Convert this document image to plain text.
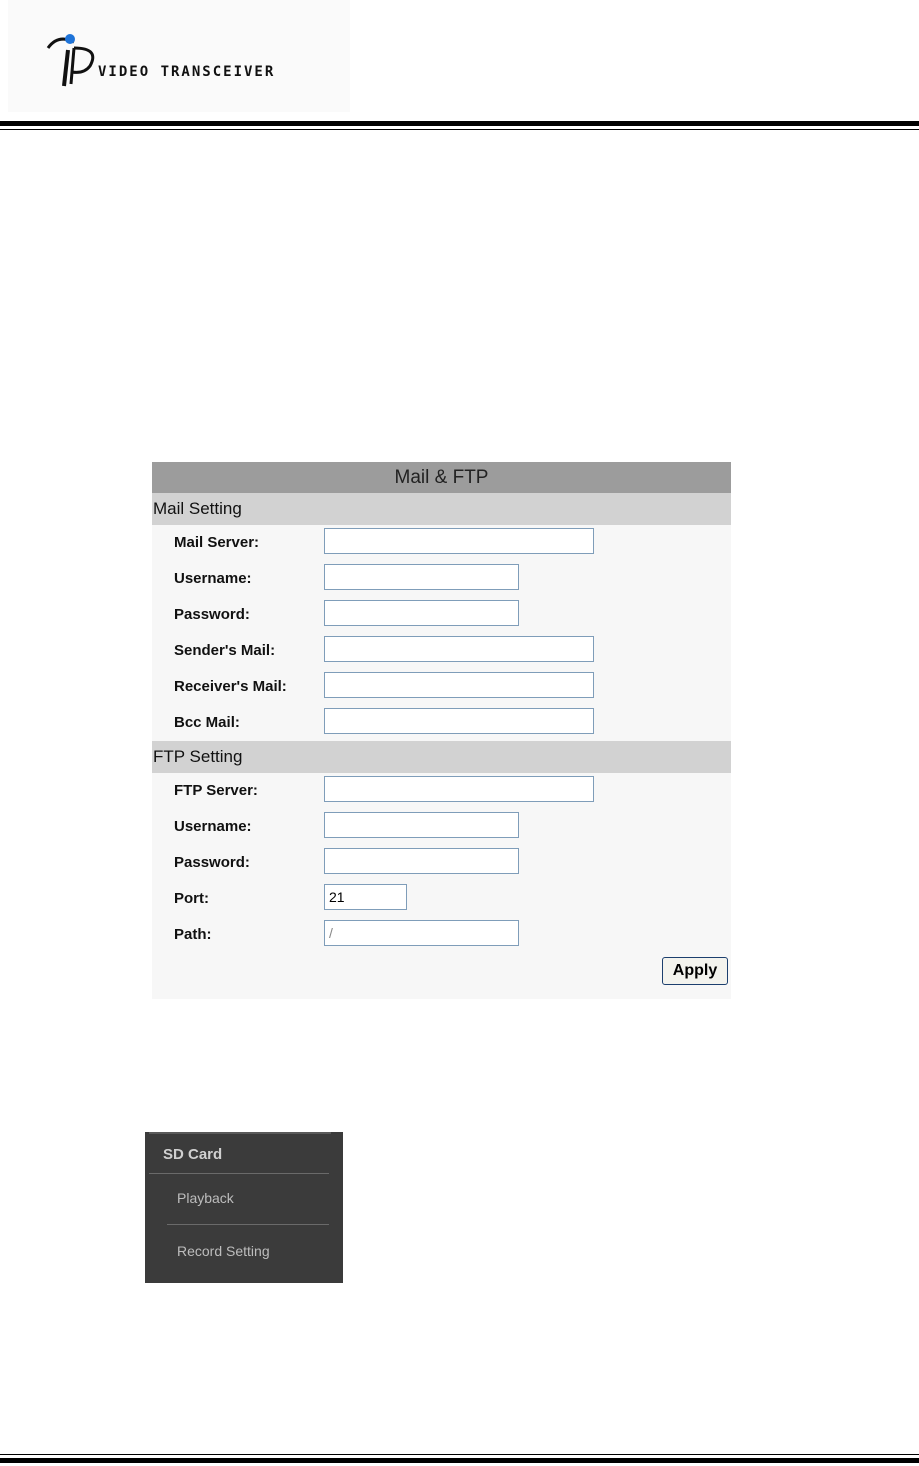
VIDEO TRANSCEIVER
Mail & FTP
Mail Setting
Mail Server:
Username:
Password:
Sender's Mail:
Receiver's Mail:
Bcc Mail:
FTP Setting
FTP Server:
Username:
Password:
Port:
21
Path:
/
Apply
SD Card
Playback
Record Setting
